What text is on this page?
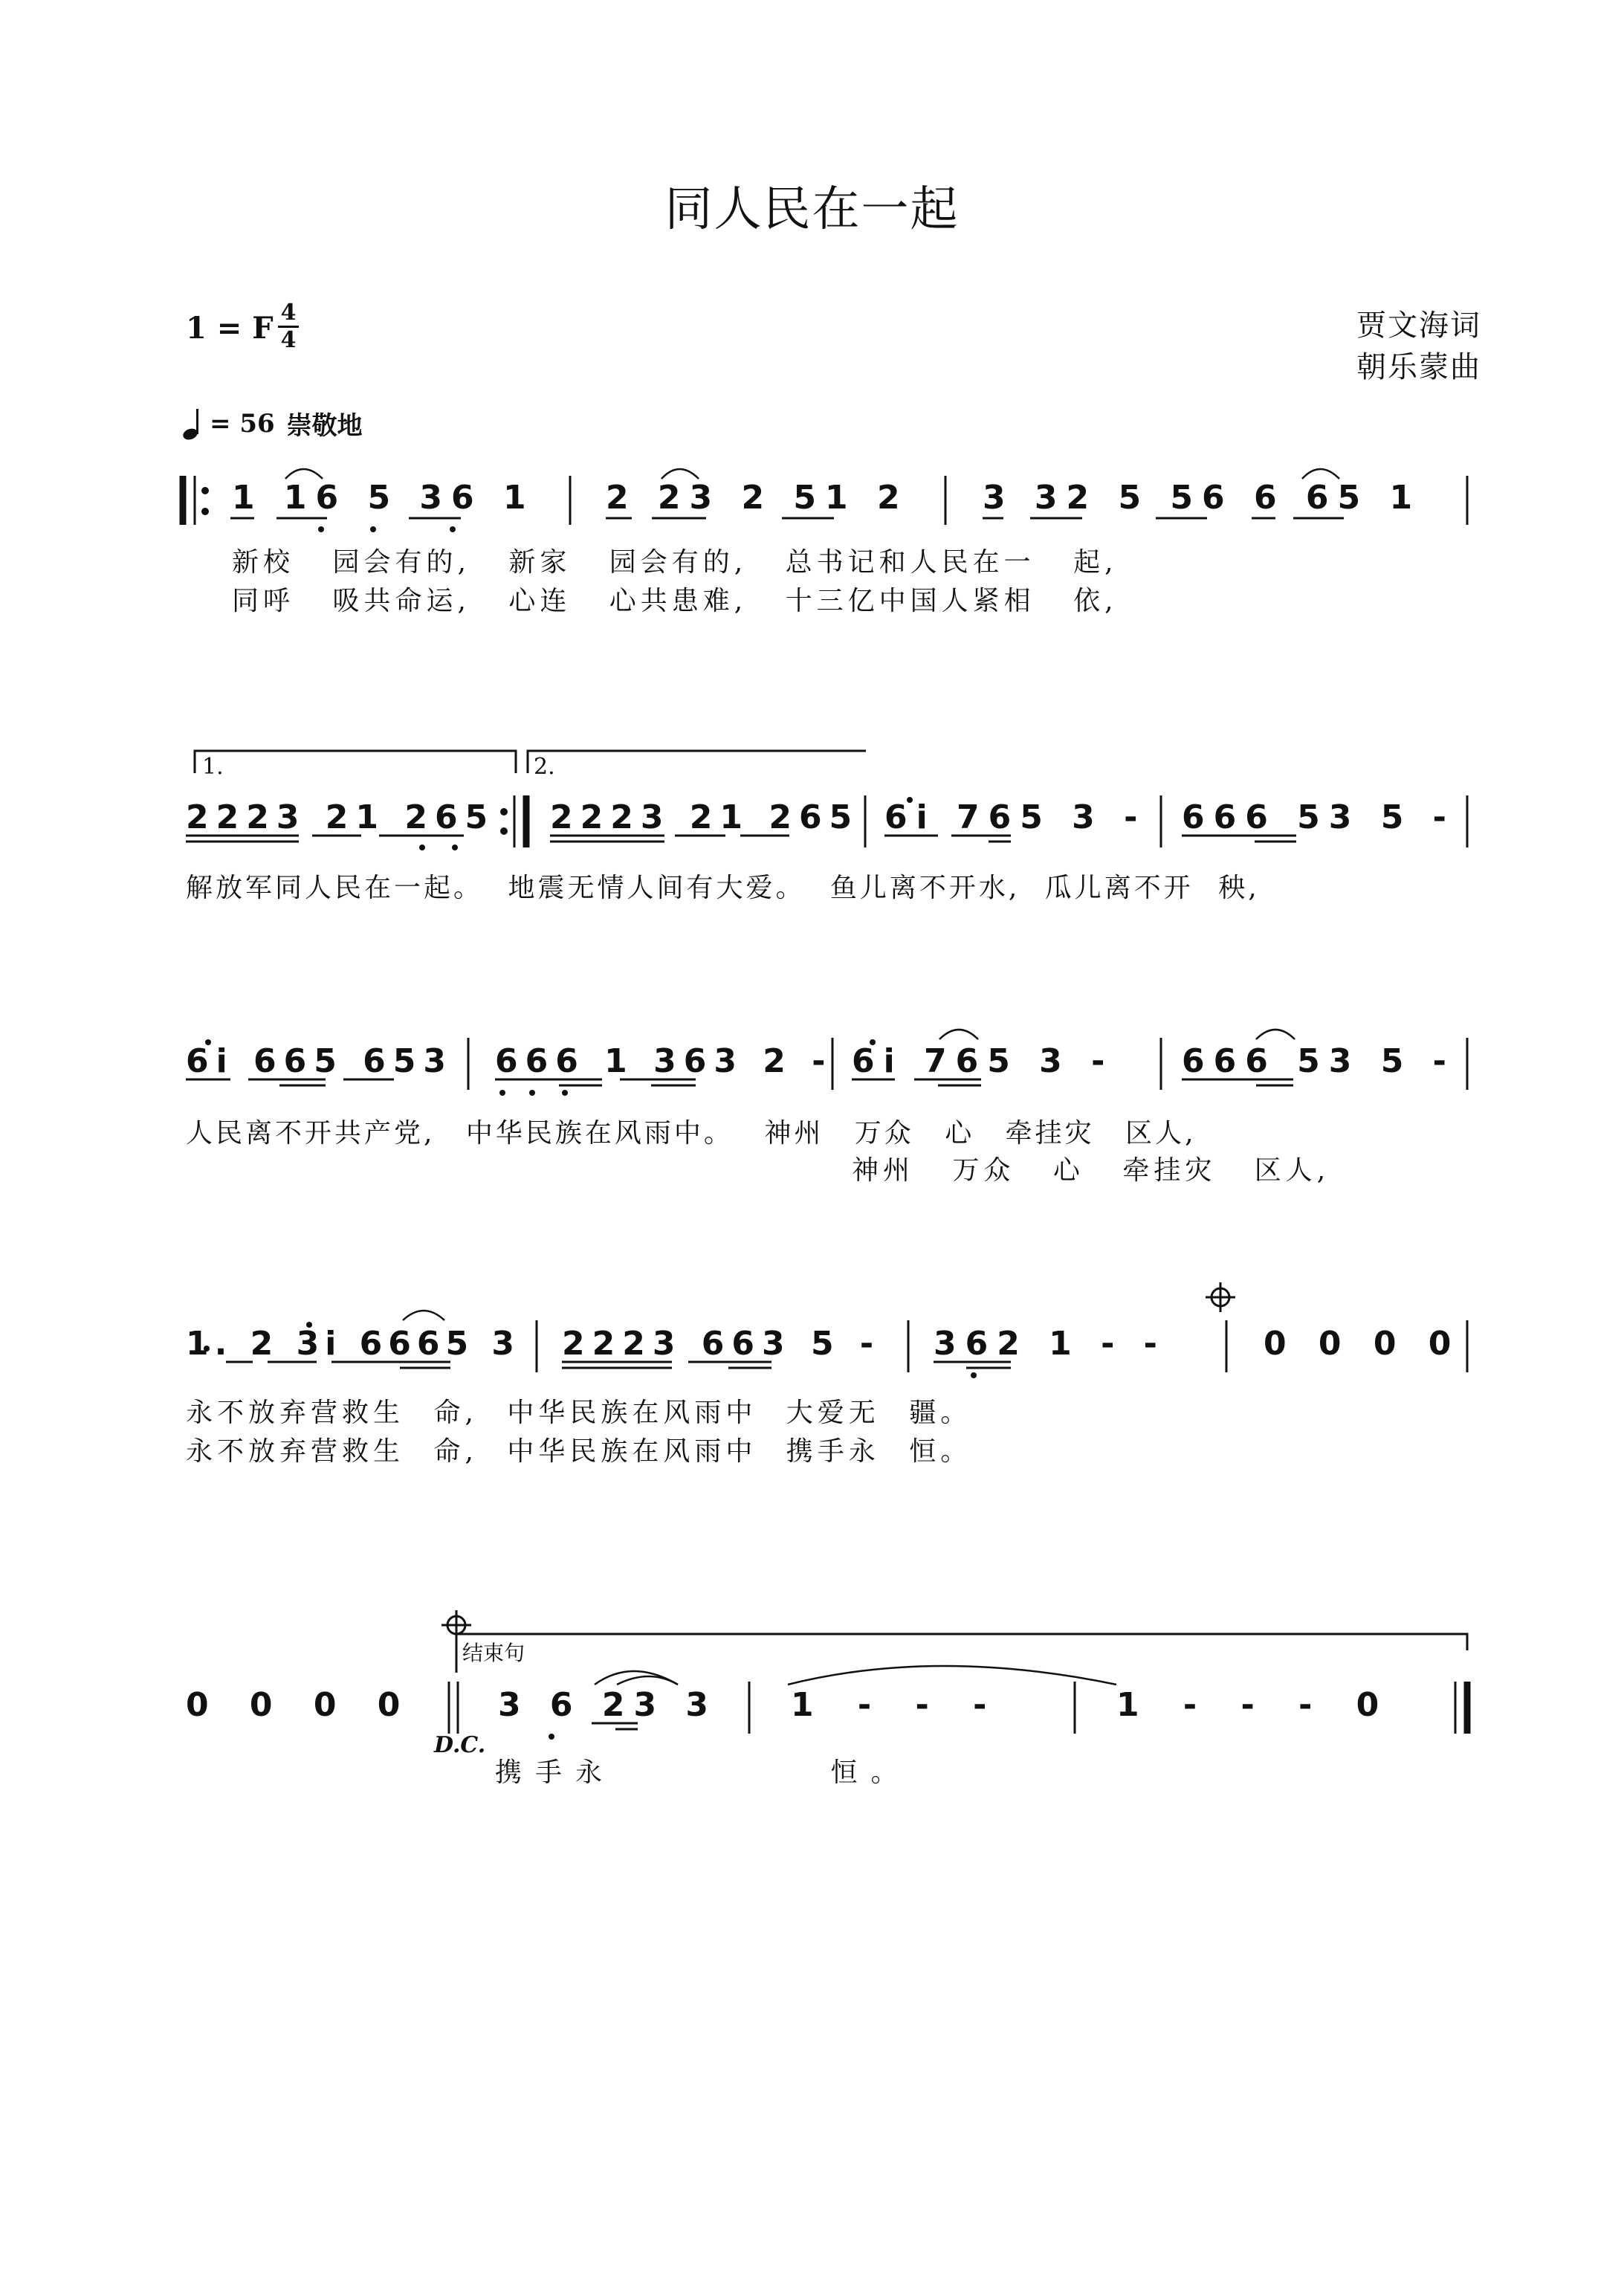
同人民在一起
1 = F 4
4
= 56 崇敬地
贾文海词
朝乐蒙曲
1 16 5 36 1 2 23 2 51 2 3 32 5 56 6 65 1
新校 园会有的, 新家 园会有的, 总书记和人民在一 起,
同呼 吸共命运, 心连 心共患难, 十三亿中国人紧相 依,
1.	2.
2223 21 265 2223 21 265 6i 765 3 - 666 53 5 -
解放军同人民在一起。 地震无情人间有大爱。 鱼儿离不开水, 瓜儿离不开 秧,
6i 665 653 666 1 363 2 - 6i 765 3 - 666 53 5 -
人民离不开共产党, 中华民族在风雨中。 神州 万众 心 牵挂灾 区人,
神州 万众 心 牵挂灾 区人,
1. 2 3i 6665 3 2223 663 5 - 362 1 - -	0 0 0 0
永不放弃营救生 命, 中华民族在风雨中 大爱无 疆。
永不放弃营救生 命, 中华民族在风雨中 携手永 恒。
结束句
0 0 0 0	3 6 23 3 1 - - -	1 - - - 0
D.C.
携手永 恒。
